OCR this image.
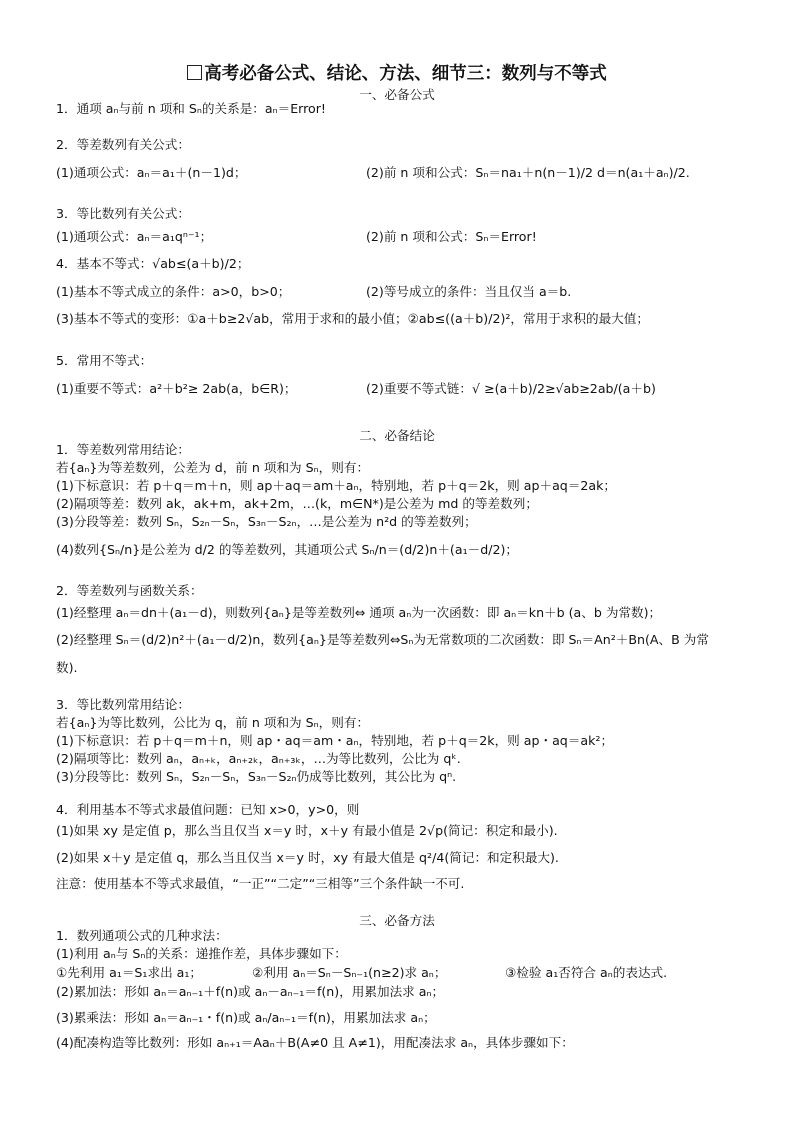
高考必备公式、结论、方法、细节三：数列与不等式
一、必备公式
1．通项 aₙ与前 n 项和 Sₙ的关系是：aₙ＝Error!
2．等差数列有关公式：
(1)通项公式：aₙ＝a₁＋(n－1)d；	(2)前 n 项和公式：Sₙ＝na₁＋n(n－1)/2 d＝n(a₁＋aₙ)/2.
3．等比数列有关公式：
(1)通项公式：aₙ＝a₁qⁿ⁻¹；	(2)前 n 项和公式：Sₙ＝Error!
4．基本不等式：√ab≤(a＋b)/2；
(1)基本不等式成立的条件：a>0，b>0；	(2)等号成立的条件：当且仅当 a＝b.
(3)基本不等式的变形：①a＋b≥2√ab，常用于求和的最小值；②ab≤((a＋b)/2)²，常用于求积的最大值；
5．常用不等式：
(1)重要不等式：a²＋b²≥ 2ab(a，b∈R)；	(2)重要不等式链：√ ≥(a＋b)/2≥√ab≥2ab/(a＋b)
二、必备结论
1．等差数列常用结论：
若{aₙ}为等差数列，公差为 d，前 n 项和为 Sₙ，则有：
(1)下标意识：若 p＋q＝m＋n，则 ap＋aq＝am＋aₙ，特别地，若 p＋q＝2k，则 ap＋aq＝2ak；
(2)隔项等差：数列 ak，ak+m，ak+2m，…(k，m∈N*)是公差为 md 的等差数列；
(3)分段等差：数列 Sₙ，S₂ₙ－Sₙ，S₃ₙ－S₂ₙ，…是公差为 n²d 的等差数列；
(4)数列{Sₙ/n}是公差为 d/2 的等差数列，其通项公式 Sₙ/n＝(d/2)n＋(a₁－d/2)；
2．等差数列与函数关系：
(1)经整理 aₙ＝dn＋(a₁－d)，则数列{aₙ}是等差数列⇔ 通项 aₙ为一次函数：即 aₙ＝kn＋b (a、b 为常数)；
(2)经整理 Sₙ＝(d/2)n²＋(a₁－d/2)n，数列{aₙ}是等差数列⇔Sₙ为无常数项的二次函数：即 Sₙ＝An²＋Bn(A、B 为常
数).
3．等比数列常用结论：
若{aₙ}为等比数列，公比为 q，前 n 项和为 Sₙ，则有：
(1)下标意识：若 p＋q＝m＋n，则 ap・aq＝am・aₙ，特别地，若 p＋q＝2k，则 ap・aq＝ak²；
(2)隔项等比：数列 aₙ，aₙ₊ₖ，aₙ₊₂ₖ，aₙ₊₃ₖ，…为等比数列，公比为 qᵏ.
(3)分段等比：数列 Sₙ，S₂ₙ－Sₙ，S₃ₙ－S₂ₙ仍成等比数列，其公比为 qⁿ.
4．利用基本不等式求最值问题：已知 x>0，y>0，则
(1)如果 xy 是定值 p，那么当且仅当 x＝y 时，x＋y 有最小值是 2√p(简记：积定和最小).
(2)如果 x＋y 是定值 q，那么当且仅当 x＝y 时，xy 有最大值是 q²/4(简记：和定积最大).
注意：使用基本不等式求最值，“一正”“二定”“三相等”三个条件缺一不可.
三、必备方法
1．数列通项公式的几种求法：
(1)利用 aₙ与 Sₙ的关系：递推作差，具体步骤如下：
①先利用 a₁＝S₁求出 a₁；	②利用 aₙ＝Sₙ－Sₙ₋₁(n≥2)求 aₙ；	③检验 a₁否符合 aₙ的表达式.
(2)累加法：形如 aₙ＝aₙ₋₁＋f(n)或 aₙ－aₙ₋₁＝f(n)，用累加法求 aₙ；
(3)累乘法：形如 aₙ＝aₙ₋₁・f(n)或 aₙ/aₙ₋₁＝f(n)，用累加法求 aₙ；
(4)配凑构造等比数列：形如 aₙ₊₁＝Aaₙ＋B(A≠0 且 A≠1)，用配凑法求 aₙ，具体步骤如下：
